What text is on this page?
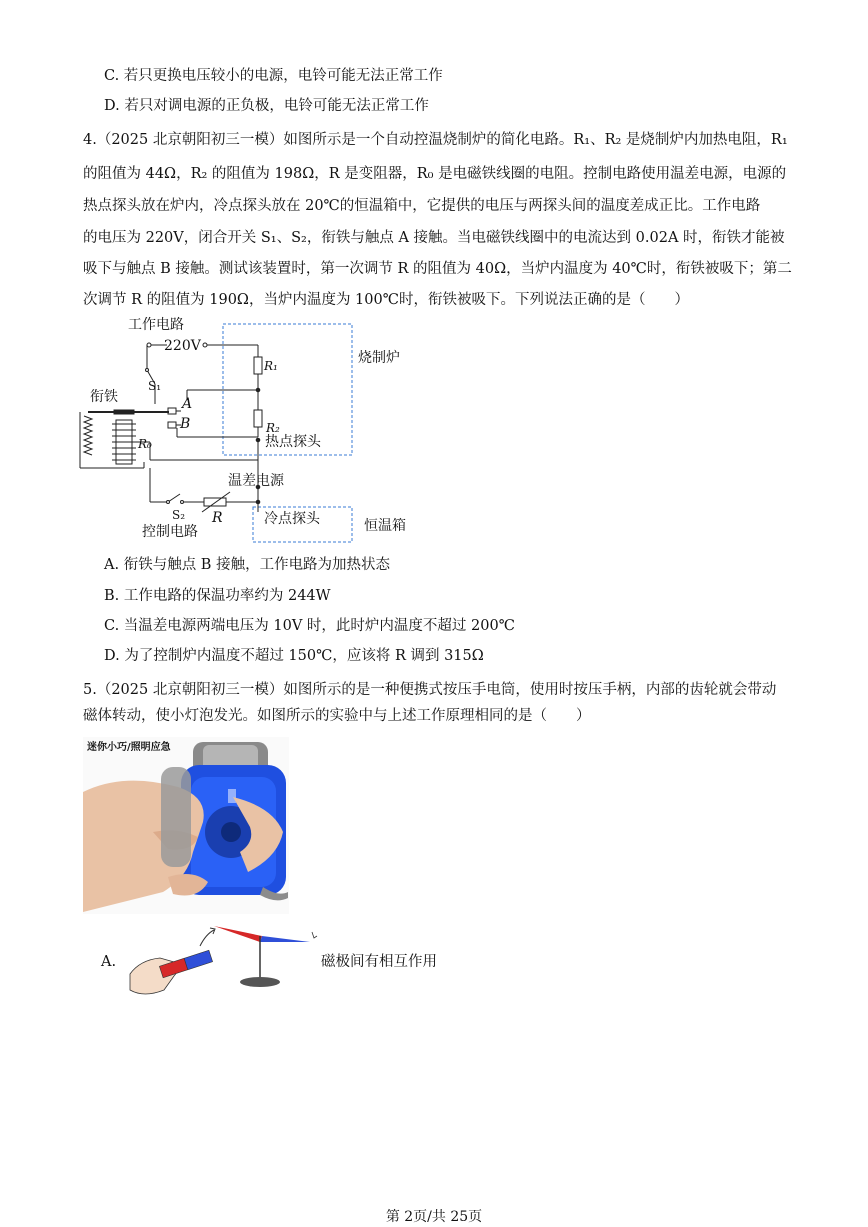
C. 若只更换电压较小的电源，电铃可能无法正常工作
D. 若只对调电源的正负极，电铃可能无法正常工作
4.（2025 北京朝阳初三一模）如图所示是一个自动控温烧制炉的简化电路。R₁、R₂ 是烧制炉内加热电阻，R₁
的阻值为 44Ω，R₂ 的阻值为 198Ω，R 是变阻器，R₀ 是电磁铁线圈的电阻。控制电路使用温差电源，电源的
热点探头放在炉内，冷点探头放在 20℃的恒温箱中，它提供的电压与两探头间的温度差成正比。工作电路
的电压为 220V，闭合开关 S₁、S₂，衔铁与触点 A 接触。当电磁铁线圈中的电流达到 0.02A 时，衔铁才能被
吸下与触点 B 接触。测试该装置时，第一次调节 R 的阻值为 40Ω，当炉内温度为 40℃时，衔铁被吸下；第二
次调节 R 的阻值为 190Ω，当炉内温度为 100℃时，衔铁被吸下。下列说法正确的是（　　）
工作电路
220V
S₁
衔铁	A
B
R₁
R₂
R₀
烧制炉
热点探头
温差电源
S₂ R
控制电路
冷点探头	恒温箱
A. 衔铁与触点 B 接触，工作电路为加热状态
B. 工作电路的保温功率约为 244W
C. 当温差电源两端电压为 10V 时，此时炉内温度不超过 200℃
D. 为了控制炉内温度不超过 150℃，应该将 R 调到 315Ω
5.（2025 北京朝阳初三一模）如图所示的是一种便携式按压手电筒，使用时按压手柄，内部的齿轮就会带动
磁体转动，使小灯泡发光。如图所示的实验中与上述工作原理相同的是（　　）
迷你小巧/照明应急
A.	磁极间有相互作用
第 2页/共 25页
